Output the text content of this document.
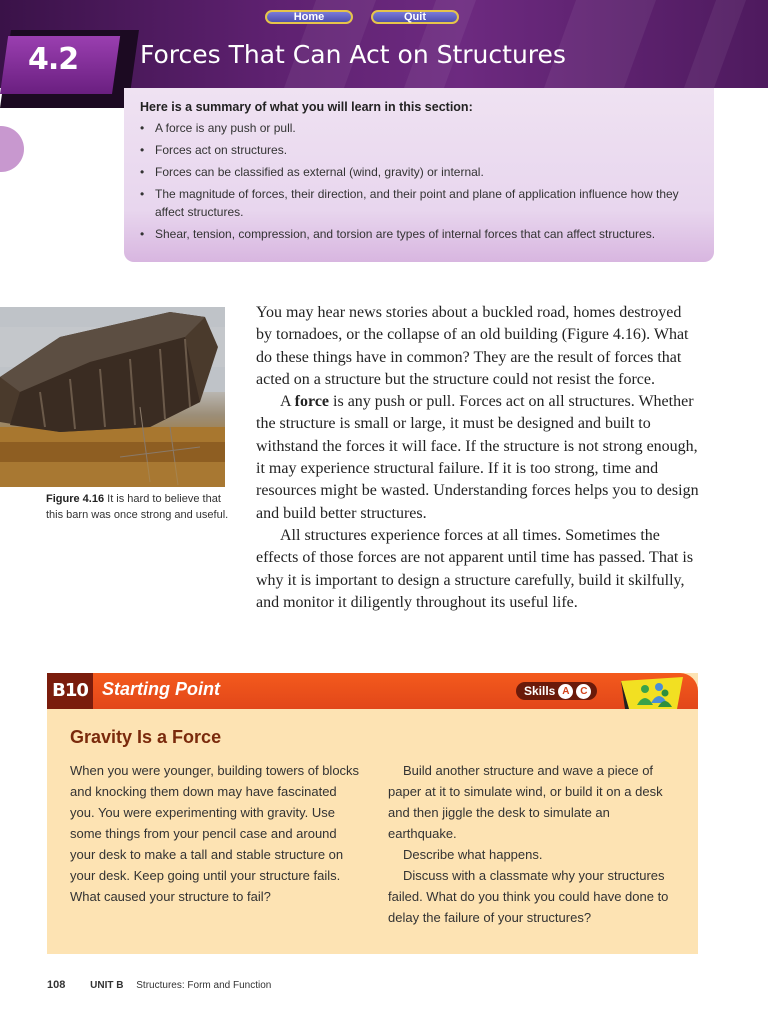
Home	Quit
4.2 Forces That Can Act on Structures
Here is a summary of what you will learn in this section:
• A force is any push or pull.
• Forces act on structures.
• Forces can be classified as external (wind, gravity) or internal.
• The magnitude of forces, their direction, and their point and plane of application influence how they affect structures.
• Shear, tension, compression, and torsion are types of internal forces that can affect structures.
Figure 4.16 It is hard to believe that this barn was once strong and useful.

You may hear news stories about a buckled road, homes destroyed by tornadoes, or the collapse of an old building (Figure 4.16). What do these things have in common? They are the result of forces that acted on a structure but the structure could not resist the force.

A force is any push or pull. Forces act on all structures. Whether the structure is small or large, it must be designed and built to withstand the forces it will face. If the structure is not strong enough, it may experience structural failure. If it is too strong, time and resources might be wasted. Understanding forces helps you to design and build better structures.

All structures experience forces at all times. Sometimes the effects of those forces are not apparent until time has passed. That is why it is important to design a structure carefully, build it skilfully, and monitor it diligently throughout its useful life.

B10 Starting Point	Skills A	C
Gravity Is a Force

When you were younger, building towers of blocks and knocking them down may have fascinated you. You were experimenting with gravity. Use some things from your pencil case and around your desk to make a tall and stable structure on your desk. Keep going until your structure fails. What caused your structure to fail?

Build another structure and wave a piece of paper at it to simulate wind, or build it on a desk and then jiggle the desk to simulate an earthquake.

Describe what happens.

Discuss with a classmate why your structures failed. What do you think you could have done to delay the failure of your structures?

108 UNIT B Structures: Form and Function
